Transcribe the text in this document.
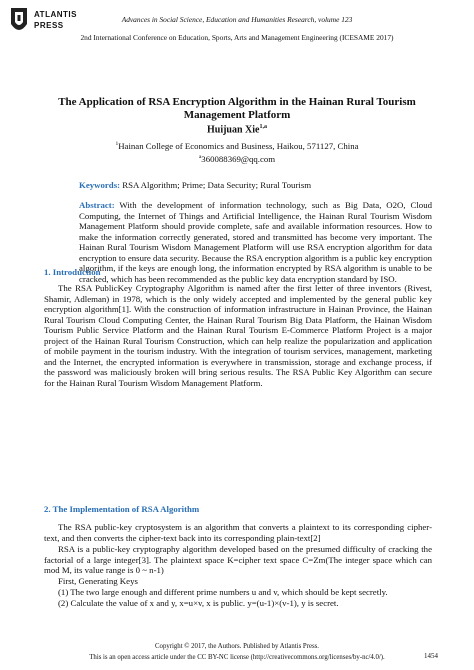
ATLANTIS
PRESS
Advances in Social Science, Education and Humanities Research, volume 123
2nd International Conference on Education, Sports, Arts and Management Engineering (ICESAME 2017)
The Application of RSA Encryption Algorithm in the Hainan Rural Tourism Management Platform
Huijuan Xie$^{1,a}$
$^1$Hainan College of Economics and Business, Haikou, 571127, China
$^a$360088369@qq.com
Keywords: RSA Algorithm; Prime; Data Security; Rural Tourism
Abstract: With the development of information technology, such as Big Data, O2O, Cloud Computing, the Internet of Things and Artificial Intelligence, the Hainan Rural Tourism Wisdom Management Platform should provide complete, safe and available information resources. How to make the information correctly generated, stored and transmitted has become very important. The Hainan Rural Tourism Wisdom Management Platform will use RSA encryption algorithm for data encryption to ensure data security. Because the RSA encryption algorithm is a public key encryption algorithm, if the keys are enough long, the information encrypted by RSA algorithm is unable to be cracked, which has been recommended as the public key data encryption standard by ISO.
1. Introduction
The RSA PublicKey Cryptography Algorithm is named after the first letter of three inventors (Rivest, Shamir, Adleman) in 1978, which is the only widely accepted and implemented by the general public key encryption algorithm[1]. With the construction of information infrastructure in Hainan Province, the Hainan Rural Tourism Cloud Computing Center, the Hainan Rural Tourism Big Data Platform, the Hainan Wisdom Tourism Public Service Platform and the Hainan Rural Tourism E-Commerce Platform Project is a major project of the Hainan Rural Tourism Construction, which can help realize the popularization and application of mobile payment in the tourism industry. With the integration of tourism services, management, marketing and the Internet, the encrypted information is everywhere in transmission, storage and exchange process, if the password was maliciously broken will bring serious results. The RSA Public Key Algorithm can secure for the Hainan Rural Tourism Wisdom Management Platform.
2. The Implementation of RSA Algorithm
The RSA public-key cryptosystem is an algorithm that converts a plaintext to its corresponding cipher-text, and then converts the cipher-text back into its corresponding plain-text[2]
RSA is a public-key cryptography algorithm developed based on the presumed difficulty of cracking the factorial of a large integer[3]. The plaintext space K=cipher text space C=Zm(The integer space which can mod M, its value range is 0 ~ n-1)
First, Generating Keys
(1) The two large enough and different prime numbers u and v, which should be kept secretly.
(2) Calculate the value of x and y, x=u×v, x is public. y=(u-1)×(v-1), y is secret.
Copyright © 2017, the Authors. Published by Atlantis Press.
This is an open access article under the CC BY-NC license (http://creativecommons.org/licenses/by-nc/4.0/).	1454
